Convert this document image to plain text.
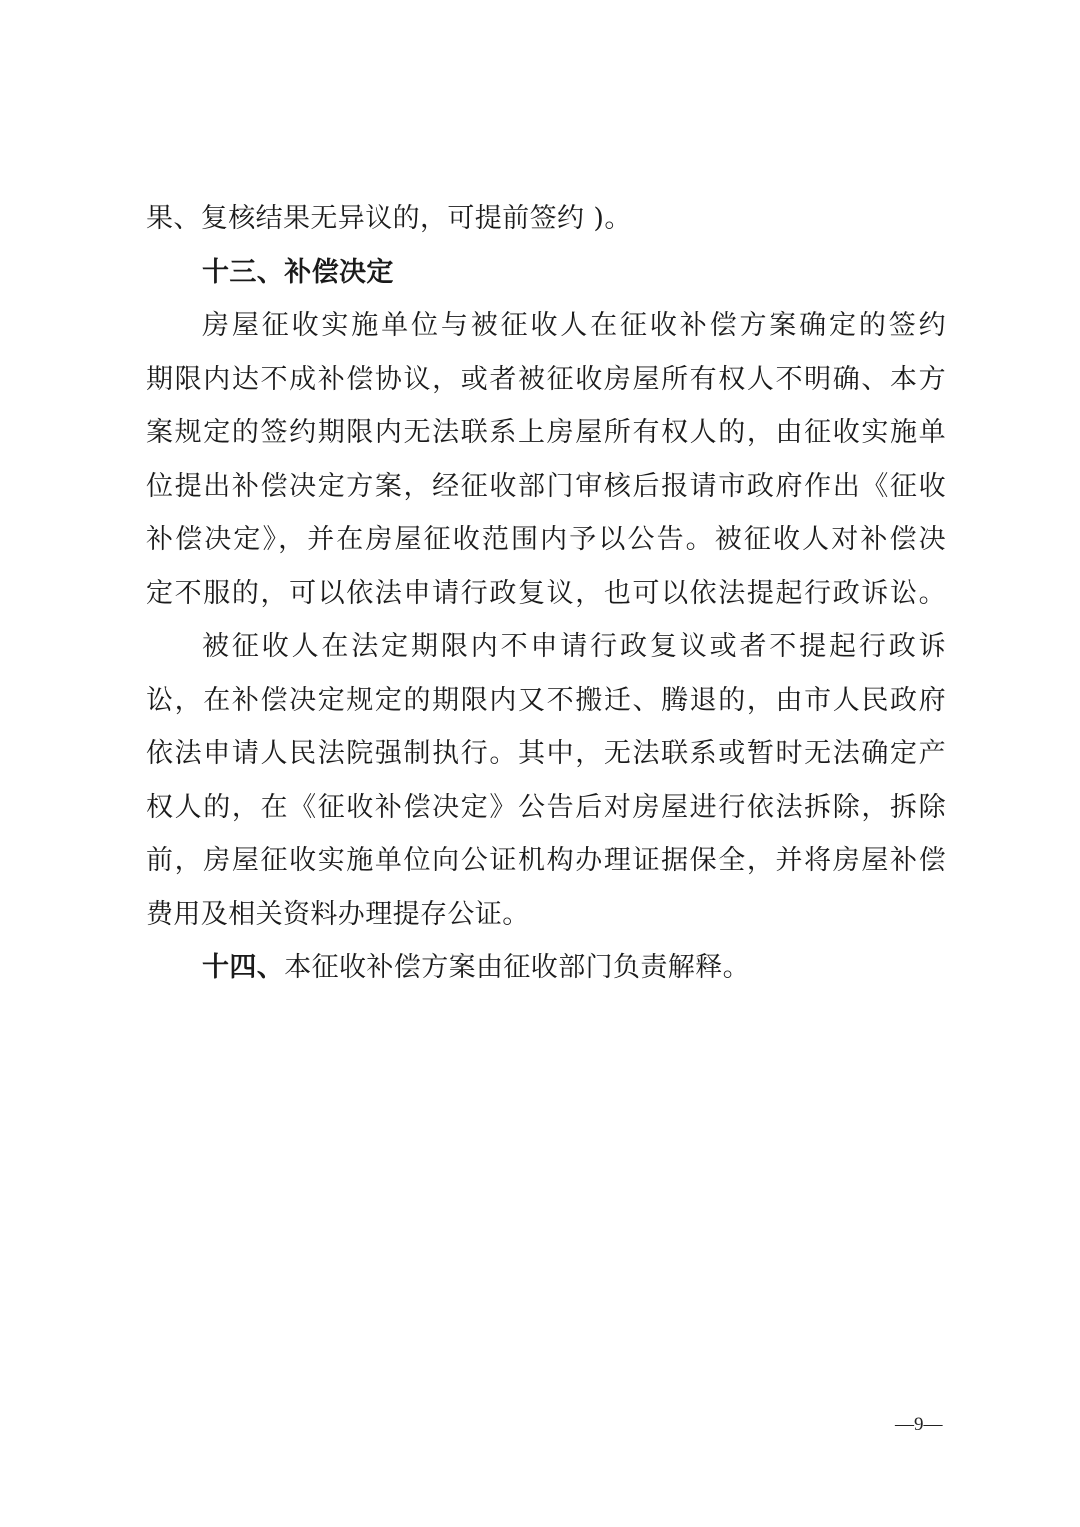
果、复核结果无异议的，可提前签约 )。
十三、补偿决定
房屋征收实施单位与被征收人在征收补偿方案确定的签约
期限内达不成补偿协议，或者被征收房屋所有权人不明确、本方
案规定的签约期限内无法联系上房屋所有权人的，由征收实施单
位提出补偿决定方案，经征收部门审核后报请市政府作出《征收
补偿决定》，并在房屋征收范围内予以公告。被征收人对补偿决
定不服的，可以依法申请行政复议，也可以依法提起行政诉讼。
被征收人在法定期限内不申请行政复议或者不提起行政诉
讼，在补偿决定规定的期限内又不搬迁、腾退的，由市人民政府
依法申请人民法院强制执行。其中，无法联系或暂时无法确定产
权人的，在《征收补偿决定》公告后对房屋进行依法拆除，拆除
前，房屋征收实施单位向公证机构办理证据保全，并将房屋补偿
费用及相关资料办理提存公证。
十四、本征收补偿方案由征收部门负责解释。
—9—
